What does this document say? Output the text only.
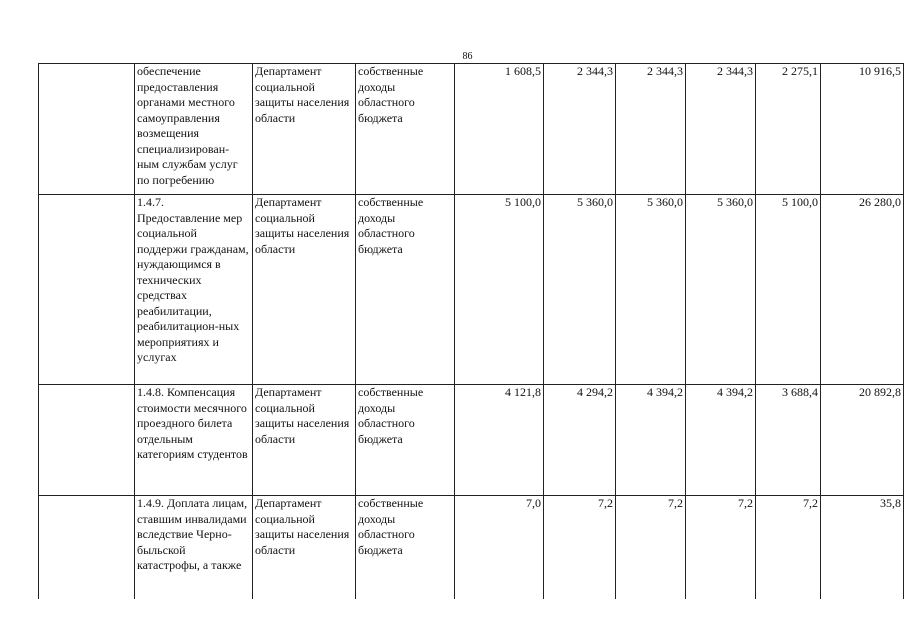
86
	обеспечение предоставления органами местного самоуправления возмещения специализирован-ным службам услуг по погребению	Департамент социальной защиты населения области	собственные доходы областного бюджета	1 608,5	2 344,3	2 344,3	2 344,3	2 275,1	10 916,5
	1.4.7. Предоставление мер социальной поддержи гражданам, нуждающимся в технических средствах реабилитации, реабилитацион-ных мероприятиях и услугах	Департамент социальной защиты населения области	собственные доходы областного бюджета	5 100,0	5 360,0	5 360,0	5 360,0	5 100,0	26 280,0
	1.4.8. Компенсация стоимости месячного проездного билета отдельным категориям студентов	Департамент социальной защиты населения области	собственные доходы областного бюджета	4 121,8	4 294,2	4 394,2	4 394,2	3 688,4	20 892,8
	1.4.9. Доплата лицам, ставшим инвалидами вследствие Черно-быльской катастрофы, а также	Департамент социальной защиты населения области	собственные доходы областного бюджета	7,0	7,2	7,2	7,2	7,2	35,8
